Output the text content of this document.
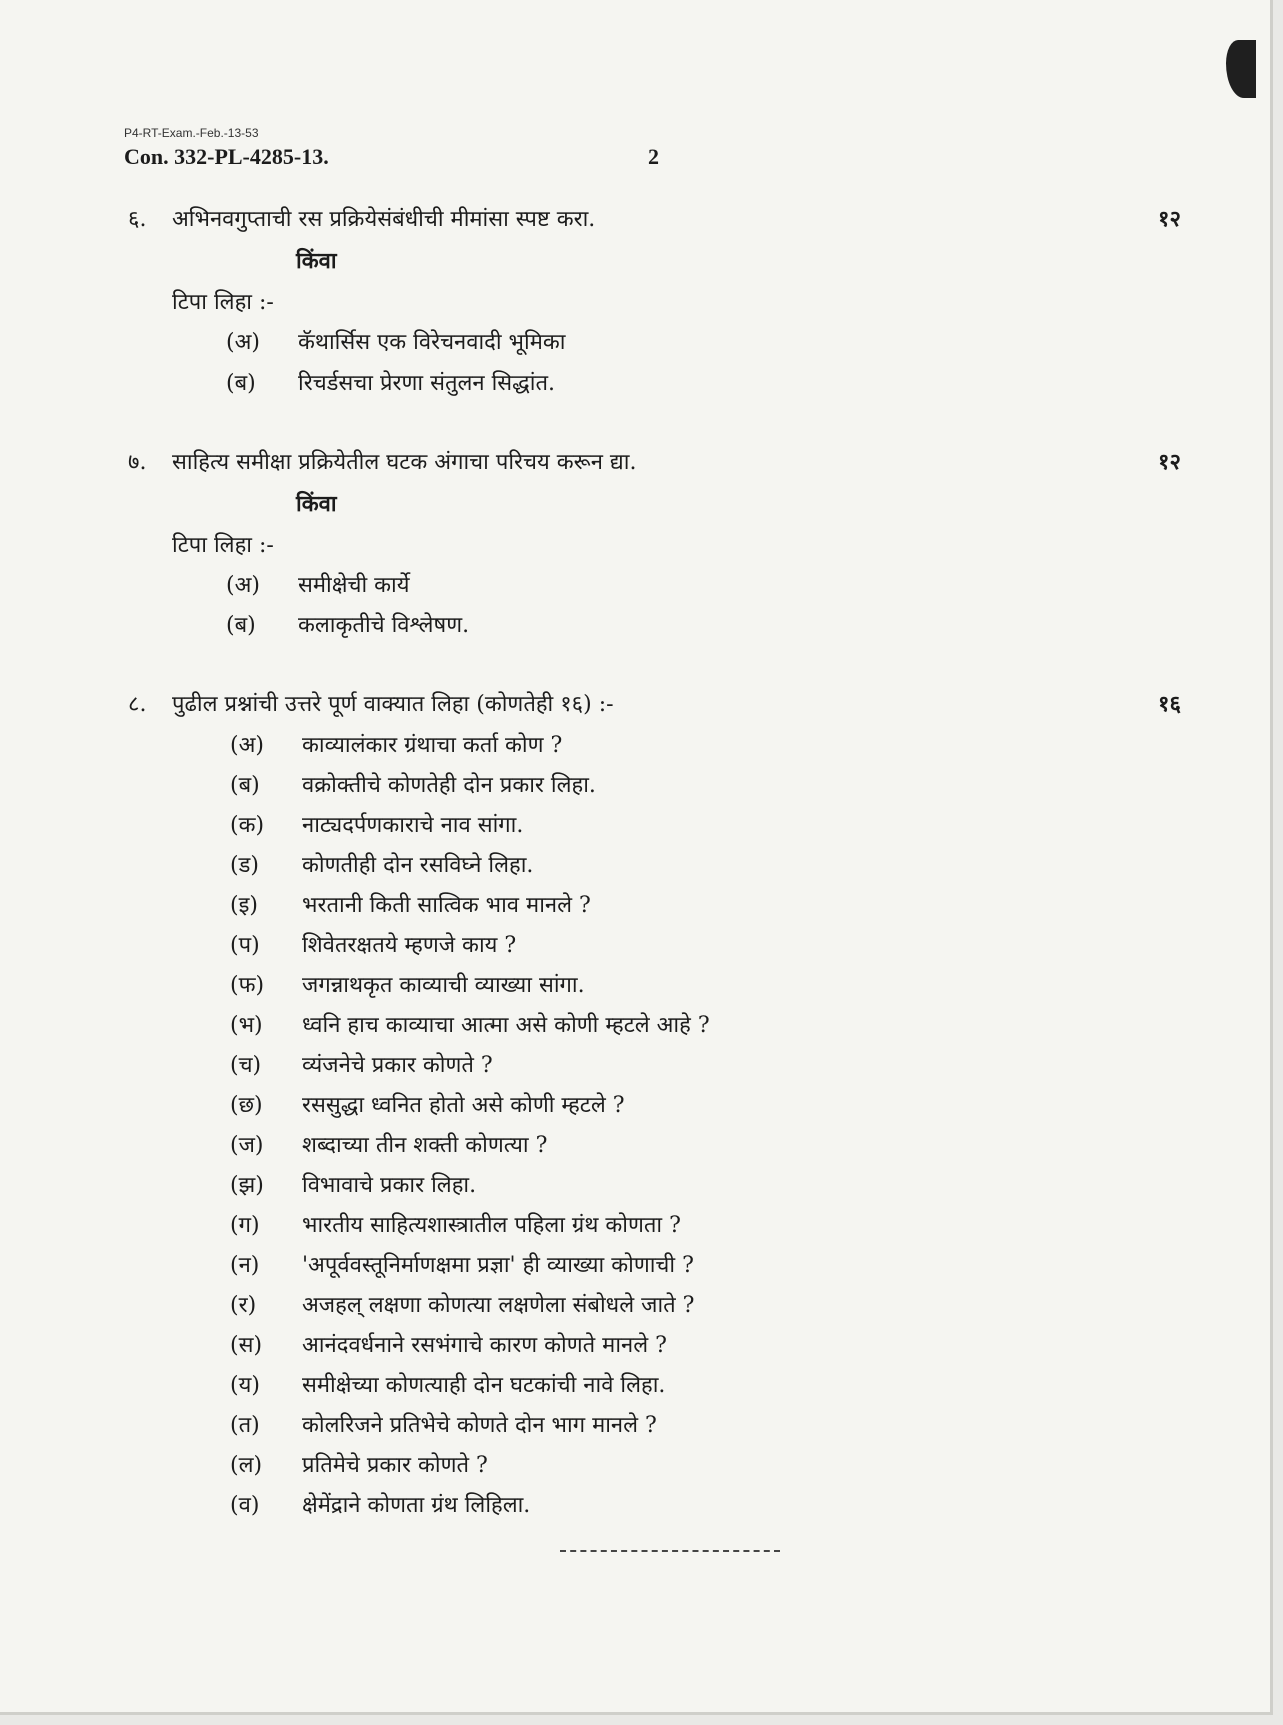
P4-RT-Exam.-Feb.-13-53
Con. 332-PL-4285-13.	2
६. अभिनवगुप्ताची रस प्रक्रियेसंबंधीची मीमांसा स्पष्ट करा.	१२
किंवा
टिपा लिहा :-
(अ) कॅथार्सिस एक विरेचनवादी भूमिका
(ब) रिचर्डसचा प्रेरणा संतुलन सिद्धांत.
७. साहित्य समीक्षा प्रक्रियेतील घटक अंगाचा परिचय करून द्या.	१२
किंवा
टिपा लिहा :-
(अ) समीक्षेची कार्ये
(ब) कलाकृतीचे विश्लेषण.
८. पुढील प्रश्नांची उत्तरे पूर्ण वाक्यात लिहा (कोणतेही १६) :-	१६
(अ) काव्यालंकार ग्रंथाचा कर्ता कोण ?
(ब) वक्रोक्तीचे कोणतेही दोन प्रकार लिहा.
(क) नाट्यदर्पणकाराचे नाव सांगा.
(ड) कोणतीही दोन रसविघ्ने लिहा.
(इ) भरतानी किती सात्विक भाव मानले ?
(प) शिवेतरक्षतये म्हणजे काय ?
(फ) जगन्नाथकृत काव्याची व्याख्या सांगा.
(भ) ध्वनि हाच काव्याचा आत्मा असे कोणी म्हटले आहे ?
(च) व्यंजनेचे प्रकार कोणते ?
(छ) रससुद्धा ध्वनित होतो असे कोणी म्हटले ?
(ज) शब्दाच्या तीन शक्ती कोणत्या ?
(झ) विभावाचे प्रकार लिहा.
(ग) भारतीय साहित्यशास्त्रातील पहिला ग्रंथ कोणता ?
(न) 'अपूर्ववस्तूनिर्माणक्षमा प्रज्ञा' ही व्याख्या कोणाची ?
(र) अजहल् लक्षणा कोणत्या लक्षणेला संबोधले जाते ?
(स) आनंदवर्धनाने रसभंगाचे कारण कोणते मानले ?
(य) समीक्षेच्या कोणत्याही दोन घटकांची नावे लिहा.
(त) कोलरिजने प्रतिभेचे कोणते दोन भाग मानले ?
(ल) प्रतिमेचे प्रकार कोणते ?
(व) क्षेमेंद्राने कोणता ग्रंथ लिहिला.
